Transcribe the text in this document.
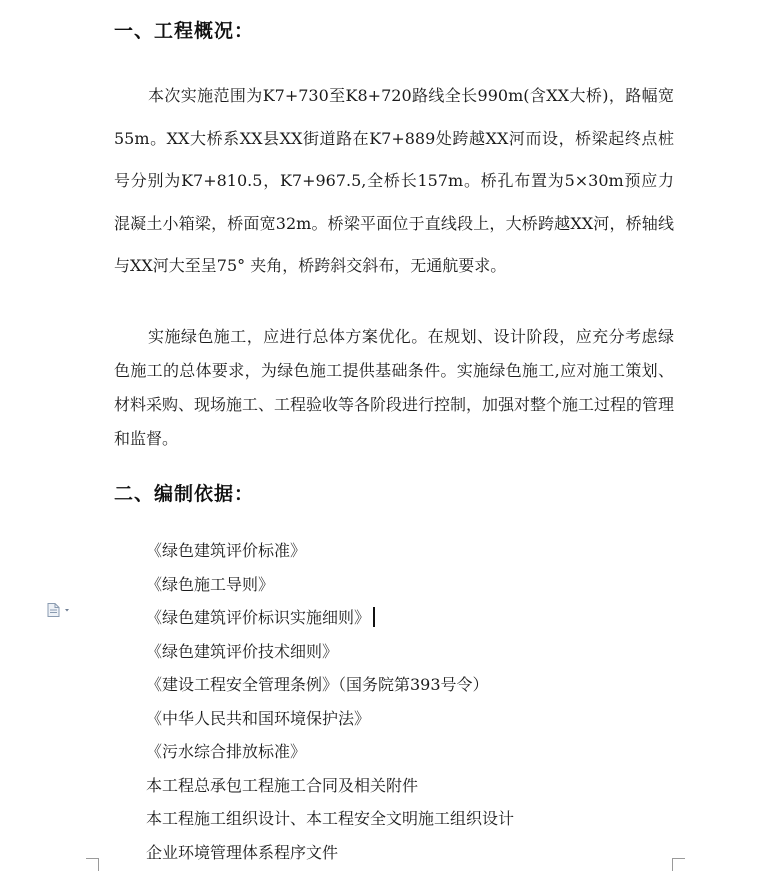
一、工程概况：
本次实施范围为K7+730至K8+720路线全长990m(含XX大桥)，路幅宽55m。XX大桥系XX县XX街道路在K7+889处跨越XX河而设，桥梁起终点桩号分别为K7+810.5，K7+967.5,全桥长157m。桥孔布置为5×30m预应力混凝土小箱梁，桥面宽32m。桥梁平面位于直线段上，大桥跨越XX河，桥轴线与XX河大至呈75° 夹角，桥跨斜交斜布，无通航要求。
实施绿色施工，应进行总体方案优化。在规划、设计阶段，应充分考虑绿色施工的总体要求，为绿色施工提供基础条件。实施绿色施工,应对施工策划、材料采购、现场施工、工程验收等各阶段进行控制，加强对整个施工过程的管理和监督。
二、编制依据：
《绿色建筑评价标准》
《绿色施工导则》
《绿色建筑评价标识实施细则》
《绿色建筑评价技术细则》
《建设工程安全管理条例》（国务院第393号令）
《中华人民共和国环境保护法》
《污水综合排放标准》
本工程总承包工程施工合同及相关附件
本工程施工组织设计、本工程安全文明施工组织设计
企业环境管理体系程序文件
